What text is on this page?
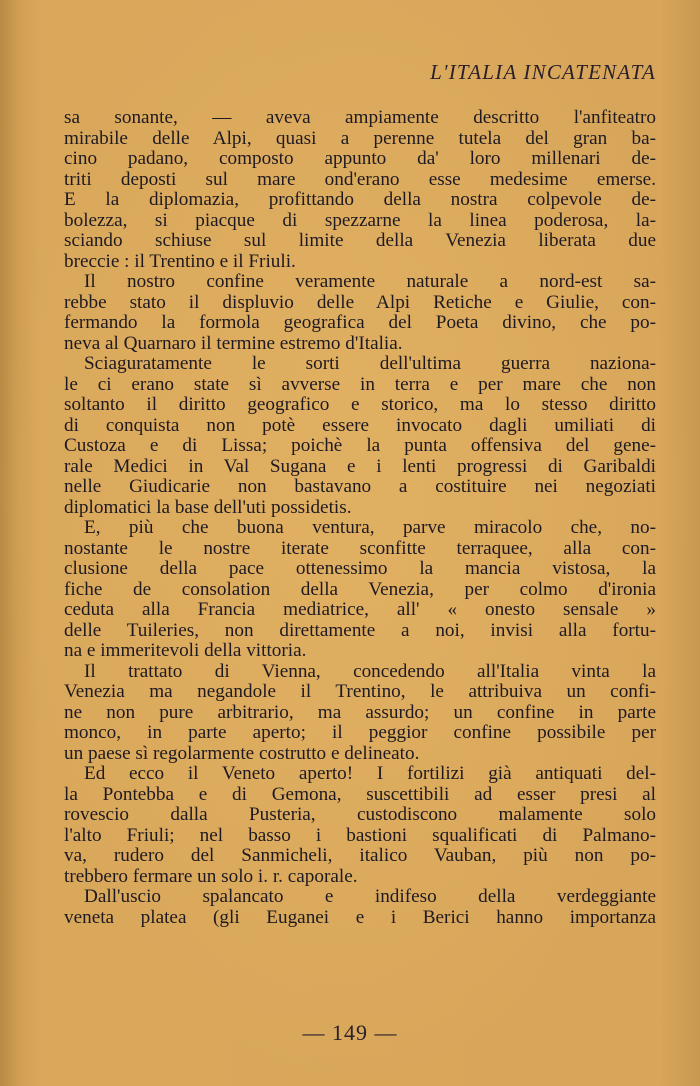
L'ITALIA INCATENATA
sa sonante, — aveva ampiamente descritto l'anfiteatro
mirabile delle Alpi, quasi a perenne tutela del gran ba-
cino padano, composto appunto da' loro millenari de-
triti deposti sul mare ond'erano esse medesime emerse.
E la diplomazia, profittando della nostra colpevole de-
bolezza, si piacque di spezzarne la linea poderosa, la-
sciando schiuse sul limite della Venezia liberata due
breccie : il Trentino e il Friuli.
Il nostro confine veramente naturale a nord-est sa-
rebbe stato il displuvio delle Alpi Retiche e Giulie, con-
fermando la formola geografica del Poeta divino, che po-
neva al Quarnaro il termine estremo d'Italia.
Sciaguratamente le sorti dell'ultima guerra naziona-
le ci erano state sì avverse in terra e per mare che non
soltanto il diritto geografico e storico, ma lo stesso diritto
di conquista non potè essere invocato dagli umiliati di
Custoza e di Lissa; poichè la punta offensiva del gene-
rale Medici in Val Sugana e i lenti progressi di Garibaldi
nelle Giudicarie non bastavano a costituire nei negoziati
diplomatici la base dell'uti possidetis.
E, più che buona ventura, parve miracolo che, no-
nostante le nostre iterate sconfitte terraquee, alla con-
clusione della pace ottenessimo la mancia vistosa, la
fiche de consolation della Venezia, per colmo d'ironia
ceduta alla Francia mediatrice, all' « onesto sensale »
delle Tuileries, non direttamente a noi, invisi alla fortu-
na e immeritevoli della vittoria.
Il trattato di Vienna, concedendo all'Italia vinta la
Venezia ma negandole il Trentino, le attribuiva un confi-
ne non pure arbitrario, ma assurdo; un confine in parte
monco, in parte aperto; il peggior confine possibile per
un paese sì regolarmente costrutto e delineato.
Ed ecco il Veneto aperto! I fortilizi già antiquati del-
la Pontebba e di Gemona, suscettibili ad esser presi al
rovescio dalla Pusteria, custodiscono malamente solo
l'alto Friuli; nel basso i bastioni squalificati di Palmano-
va, rudero del Sanmicheli, italico Vauban, più non po-
trebbero fermare un solo i. r. caporale.
Dall'uscio spalancato e indifeso della verdeggiante
veneta platea (gli Euganei e i Berici hanno importanza
— 149 —
